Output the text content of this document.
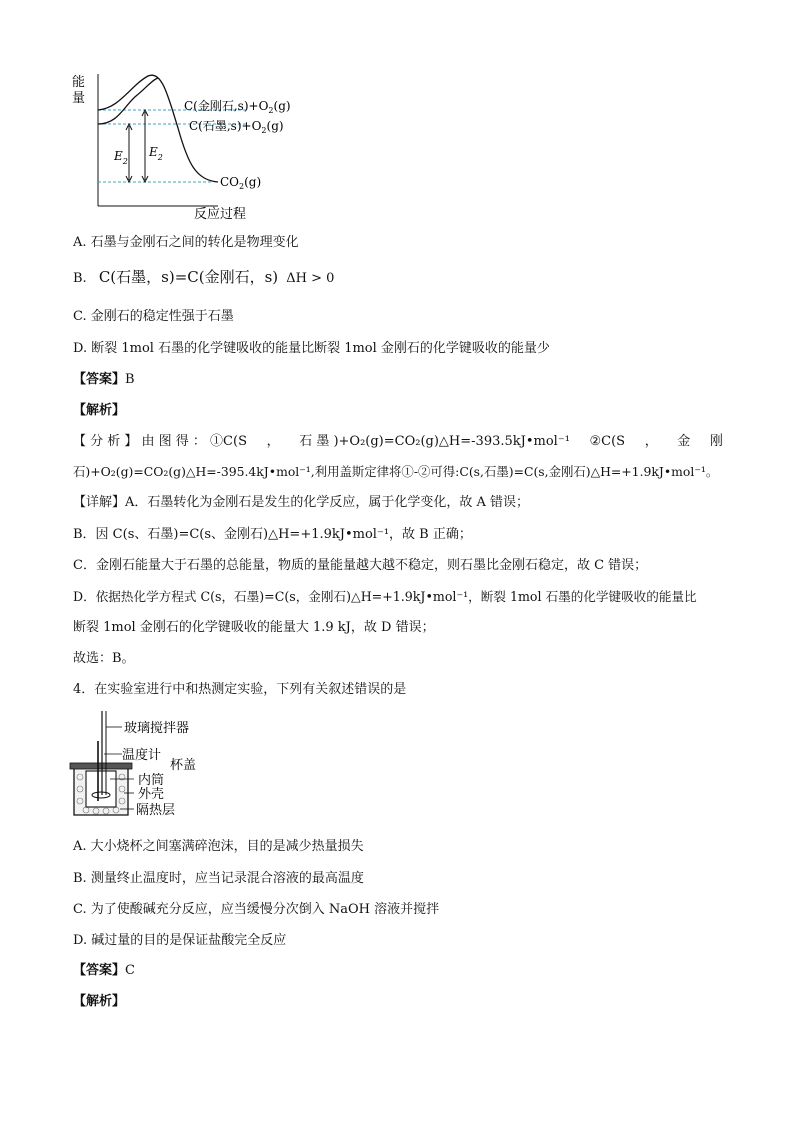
能
量
$E_2$
$E_2$
C(金刚石$,s)+O_2(g)$
C(石墨$,s)+O_2(g)$
$CO_2(g)$
反应过程
A. 石墨与金刚石之间的转化是物理变化
B. C(石墨，s)=C(金刚石，s) ΔH > 0
C. 金刚石的稳定性强于石墨
D. 断裂 1mol 石墨的化学键吸收的能量比断裂 1mol 金刚石的化学键吸收的能量少
【答案】B
【解析】
【 分 析 】 由 图 得 ： ①C(S ， 石 墨 )+O₂(g)=CO₂(g)△H=-393.5kJ•mol⁻¹ ②C(S ， 金 刚
石)+O₂(g)=CO₂(g)△H=-395.4kJ•mol⁻¹,利用盖斯定律将①-②可得:C(s,石墨)=C(s,金刚石)△H=+1.9kJ•mol⁻¹。
【详解】A．石墨转化为金刚石是发生的化学反应，属于化学变化，故 A 错误；
B．因 C(s、石墨)=C(s、金刚石)△H=+1.9kJ•mol⁻¹，故 B 正确；
C．金刚石能量大于石墨的总能量，物质的量能量越大越不稳定，则石墨比金刚石稳定，故 C 错误；
D．依据热化学方程式 C(s，石墨)=C(s，金刚石)△H=+1.9kJ•mol⁻¹，断裂 1mol 石墨的化学键吸收的能量比
断裂 1mol 金刚石的化学键吸收的能量大 1.9 kJ，故 D 错误；
故选：B。
4．在实验室进行中和热测定实验，下列有关叙述错误的是
玻璃搅拌器
温度计
杯盖
内筒
外壳
隔热层
A. 大小烧杯之间塞满碎泡沫，目的是减少热量损失
B. 测量终止温度时，应当记录混合溶液的最高温度
C. 为了使酸碱充分反应，应当缓慢分次倒入 NaOH 溶液并搅拌
D. 碱过量的目的是保证盐酸完全反应
【答案】C
【解析】
